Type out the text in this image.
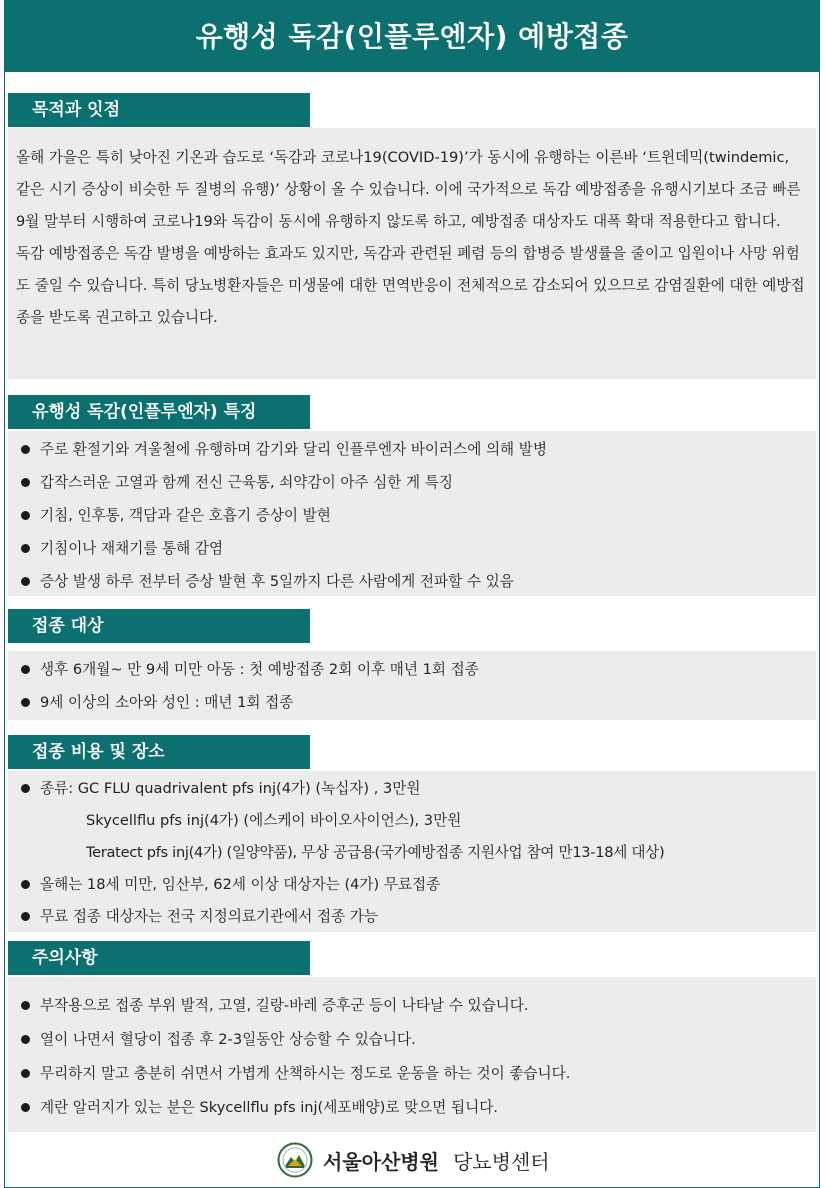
유행성 독감(인플루엔자) 예방접종
목적과 잇점

올해 가을은 특히 낮아진 기온과 습도로 ‘독감과 코로나19(COVID-19)’가 동시에 유행하는 이른바 ‘트윈데믹(twindemic, 같은 시기 증상이 비슷한 두 질병의 유행)’ 상황이 올 수 있습니다. 이에 국가적으로 독감 예방접종을 유행시기보다 조금 빠른 9월 말부터 시행하여 코로나19와 독감이 동시에 유행하지 않도록 하고, 예방접종 대상자도 대폭 확대 적용한다고 합니다.

독감 예방접종은 독감 발병을 예방하는 효과도 있지만, 독감과 관련된 폐렴 등의 합병증 발생률을 줄이고 입원이나 사망 위험도 줄일 수 있습니다. 특히 당뇨병환자들은 미생물에 대한 면역반응이 전체적으로 감소되어 있으므로 감염질환에 대한 예방접종을 받도록 권고하고 있습니다.

유행성 독감(인플루엔자) 특징
주로 환절기와 겨울철에 유행하며 감기와 달리 인플루엔자 바이러스에 의해 발병
갑작스러운 고열과 함께 전신 근육통, 쇠약감이 아주 심한 게 특징
기침, 인후통, 객담과 같은 호흡기 증상이 발현
기침이나 재채기를 통해 감염
증상 발생 하루 전부터 증상 발현 후 5일까지 다른 사람에게 전파할 수 있음
접종 대상
생후 6개월~ 만 9세 미만 아동 : 첫 예방접종 2회 이후 매년 1회 접종
9세 이상의 소아와 성인 : 매년 1회 접종
접종 비용 및 장소
종류: GC FLU quadrivalent pfs inj(4가) (녹십자) , 3만원
Skycellflu pfs inj(4가) (에스케이 바이오사이언스), 3만원
Teratect pfs inj(4가) (일양약품), 무상 공급용(국가예방접종 지원사업 참여 만13-18세 대상)
올해는 18세 미만, 임산부, 62세 이상 대상자는 (4가) 무료접종
무료 접종 대상자는 전국 지정의료기관에서 접종 가능
주의사항
부작용으로 접종 부위 발적, 고열, 길랑-바레 증후군 등이 나타날 수 있습니다.
열이 나면서 혈당이 접종 후 2-3일동안 상승할 수 있습니다.
무리하지 말고 충분히 쉬면서 가볍게 산책하시는 정도로 운동을 하는 것이 좋습니다.
계란 알러지가 있는 분은 Skycellflu pfs inj(세포배양)로 맞으면 됩니다.
서울아산병원 당뇨병센터
